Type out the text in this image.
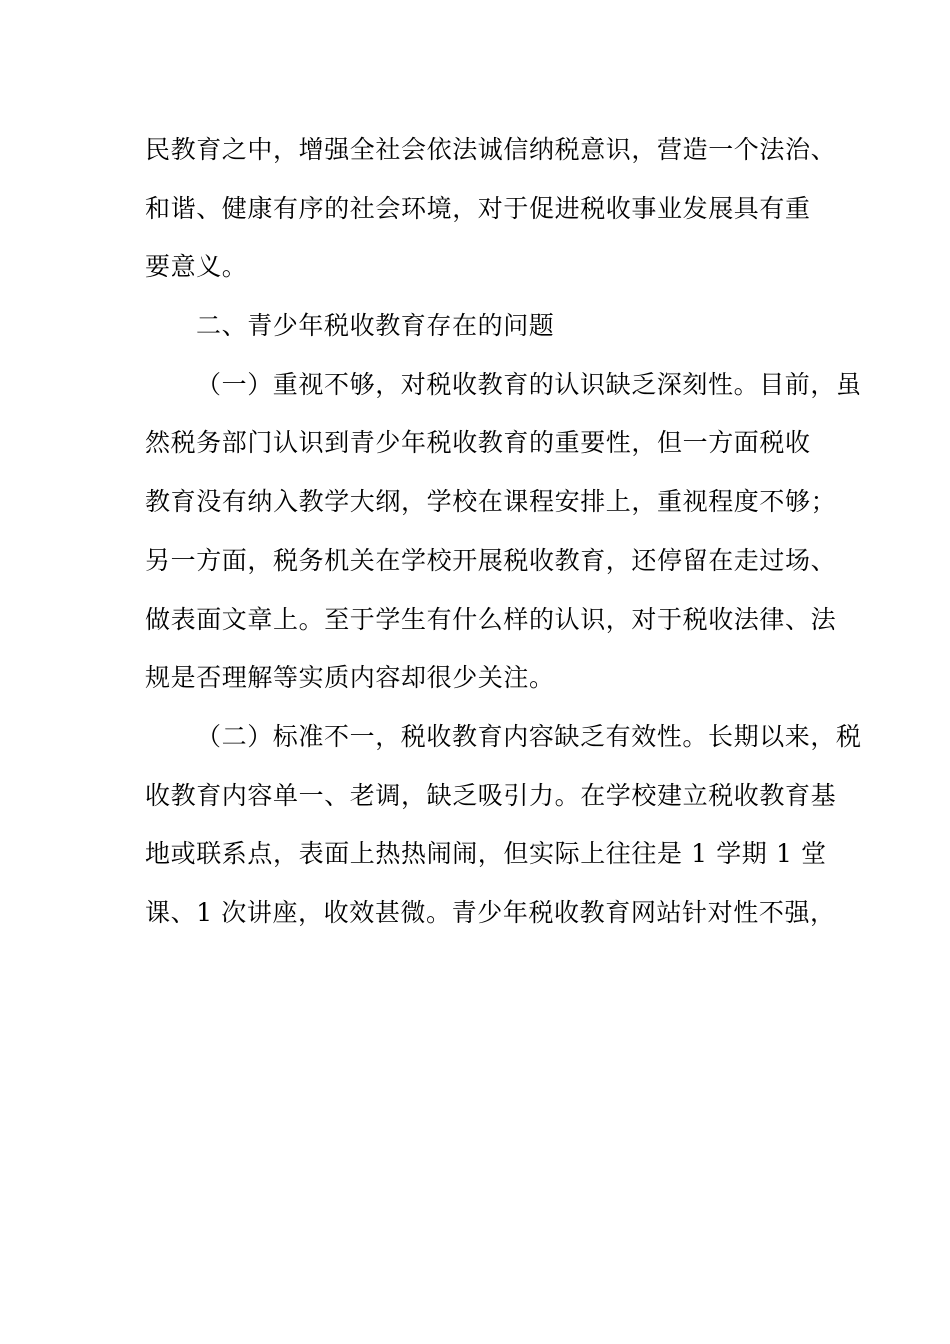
民教育之中，增强全社会依法诚信纳税意识，营造一个法治、
和谐、健康有序的社会环境，对于促进税收事业发展具有重
要意义。
二、青少年税收教育存在的问题
（一）重视不够，对税收教育的认识缺乏深刻性。目前，虽
然税务部门认识到青少年税收教育的重要性，但一方面税收
教育没有纳入教学大纲，学校在课程安排上，重视程度不够；
另一方面，税务机关在学校开展税收教育，还停留在走过场、
做表面文章上。至于学生有什么样的认识，对于税收法律、法
规是否理解等实质内容却很少关注。
（二）标准不一，税收教育内容缺乏有效性。长期以来，税
收教育内容单一、老调，缺乏吸引力。在学校建立税收教育基
地或联系点，表面上热热闹闹，但实际上往往是 1 学期 1 堂
课、1 次讲座，收效甚微。青少年税收教育网站针对性不强，
